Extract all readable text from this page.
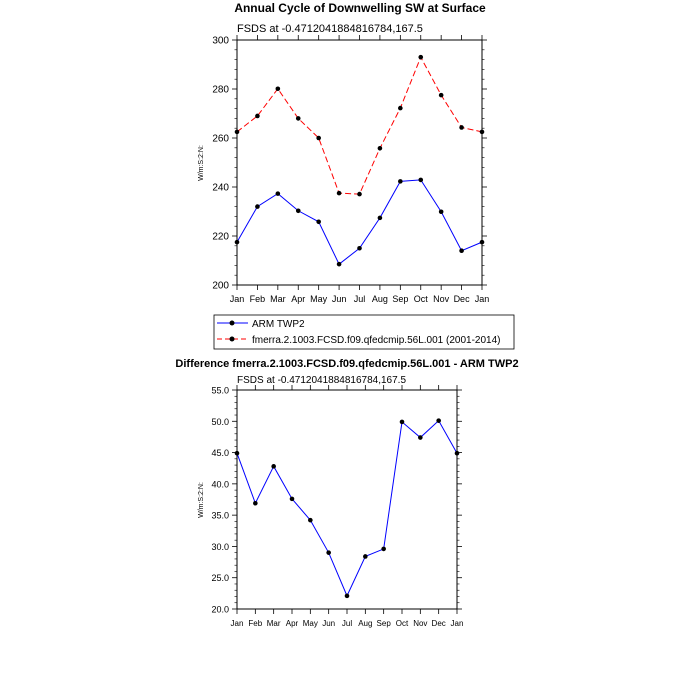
Annual Cycle of Downwelling SW at Surface
FSDS at -0.4712041884816784,167.5
W/m:S:2:N:
ARM TWP2
fmerra.2.1003.FCSD.f09.qfedcmip.56L.001 (2001-2014)
Difference fmerra.2.1003.FCSD.f09.qfedcmip.56L.001 - ARM TWP2
FSDS at -0.4712041884816784,167.5
W/m:S:2:N:
200
220
240
260
280
300
Jan Feb Mar Apr May Jun Jul Aug Sep Oct Nov Dec Jan
20.0
25.0
30.0
35.0
40.0
45.0
50.0
55.0
Jan Feb Mar Apr May Jun Jul Aug Sep Oct Nov Dec Jan
